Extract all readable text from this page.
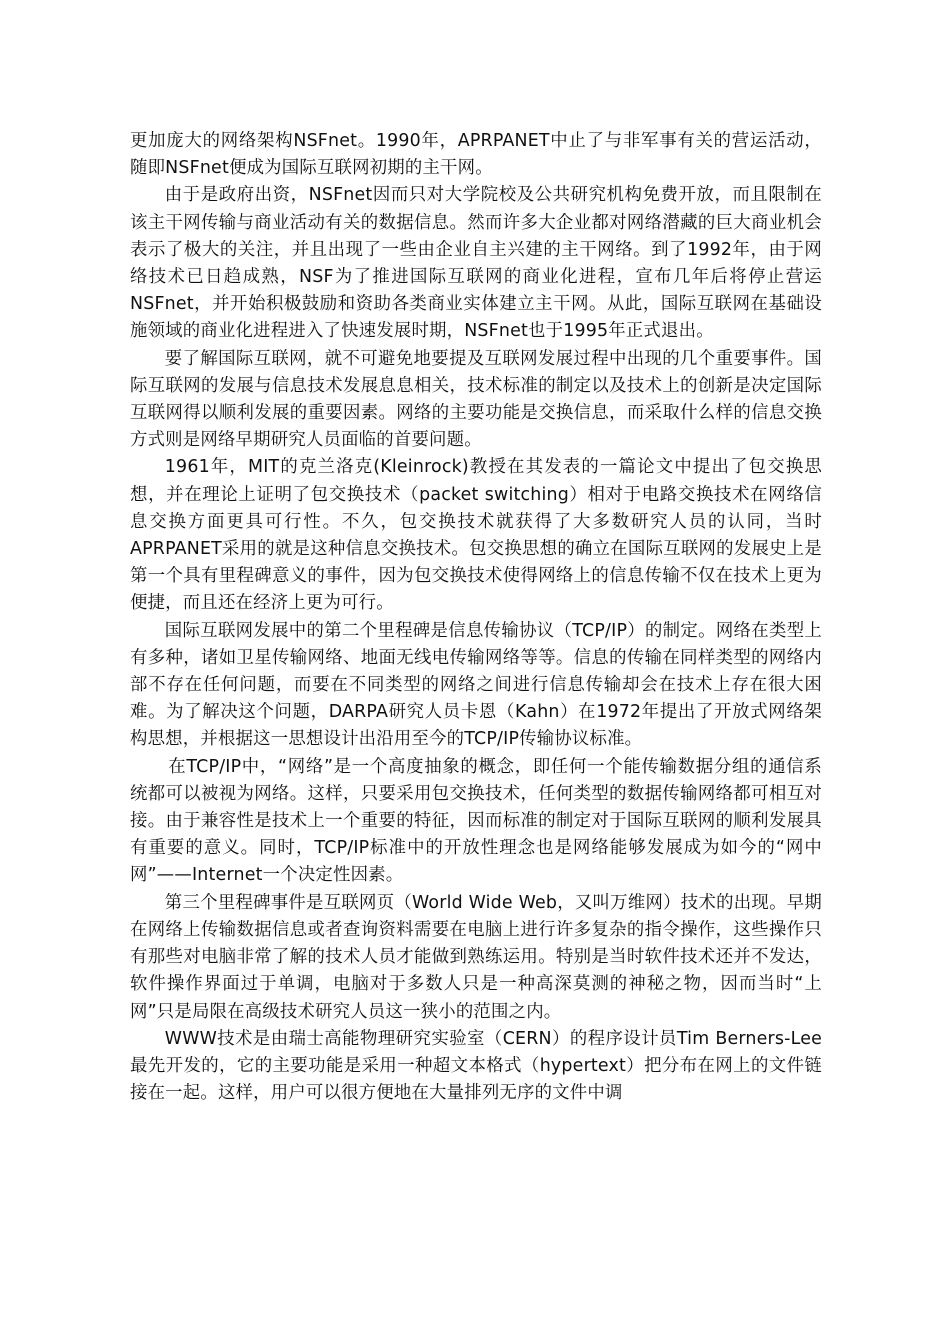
更加庞大的网络架构NSFnet。1990年，APRPANET中止了与非军事有关的营运活动，随即NSFnet便成为国际互联网初期的主干网。

由于是政府出资，NSFnet因而只对大学院校及公共研究机构免费开放，而且限制在该主干网传输与商业活动有关的数据信息。然而许多大企业都对网络潜藏的巨大商业机会表示了极大的关注，并且出现了一些由企业自主兴建的主干网络。到了1992年，由于网络技术已日趋成熟，NSF为了推进国际互联网的商业化进程，宣布几年后将停止营运NSFnet，并开始积极鼓励和资助各类商业实体建立主干网。从此，国际互联网在基础设施领域的商业化进程进入了快速发展时期，NSFnet也于1995年正式退出。

要了解国际互联网，就不可避免地要提及互联网发展过程中出现的几个重要事件。国际互联网的发展与信息技术发展息息相关，技术标准的制定以及技术上的创新是决定国际互联网得以顺利发展的重要因素。网络的主要功能是交换信息，而采取什么样的信息交换方式则是网络早期研究人员面临的首要问题。

1961年，MIT的克兰洛克(Kleinrock)教授在其发表的一篇论文中提出了包交换思想，并在理论上证明了包交换技术（packet switching）相对于电路交换技术在网络信息交换方面更具可行性。不久，包交换技术就获得了大多数研究人员的认同，当时APRPANET采用的就是这种信息交换技术。包交换思想的确立在国际互联网的发展史上是第一个具有里程碑意义的事件，因为包交换技术使得网络上的信息传输不仅在技术上更为便捷，而且还在经济上更为可行。

国际互联网发展中的第二个里程碑是信息传输协议（TCP/IP）的制定。网络在类型上有多种，诸如卫星传输网络、地面无线电传输网络等等。信息的传输在同样类型的网络内部不存在任何问题，而要在不同类型的网络之间进行信息传输却会在技术上存在很大困难。为了解决这个问题，DARPA研究人员卡恩（Kahn）在1972年提出了开放式网络架构思想，并根据这一思想设计出沿用至今的TCP/IP传输协议标准。

在TCP/IP中，“网络”是一个高度抽象的概念，即任何一个能传输数据分组的通信系统都可以被视为网络。这样，只要采用包交换技术，任何类型的数据传输网络都可相互对接。由于兼容性是技术上一个重要的特征，因而标准的制定对于国际互联网的顺利发展具有重要的意义。同时，TCP/IP标准中的开放性理念也是网络能够发展成为如今的“网中网”——Internet一个决定性因素。

第三个里程碑事件是互联网页（World Wide Web，又叫万维网）技术的出现。早期在网络上传输数据信息或者查询资料需要在电脑上进行许多复杂的指令操作，这些操作只有那些对电脑非常了解的技术人员才能做到熟练运用。特别是当时软件技术还并不发达，软件操作界面过于单调，电脑对于多数人只是一种高深莫测的神秘之物，因而当时“上网”只是局限在高级技术研究人员这一狭小的范围之内。

WWW技术是由瑞士高能物理研究实验室（CERN）的程序设计员Tim Berners-Lee最先开发的，它的主要功能是采用一种超文本格式（hypertext）把分布在网上的文件链接在一起。这样，用户可以很方便地在大量排列无序的文件中调
